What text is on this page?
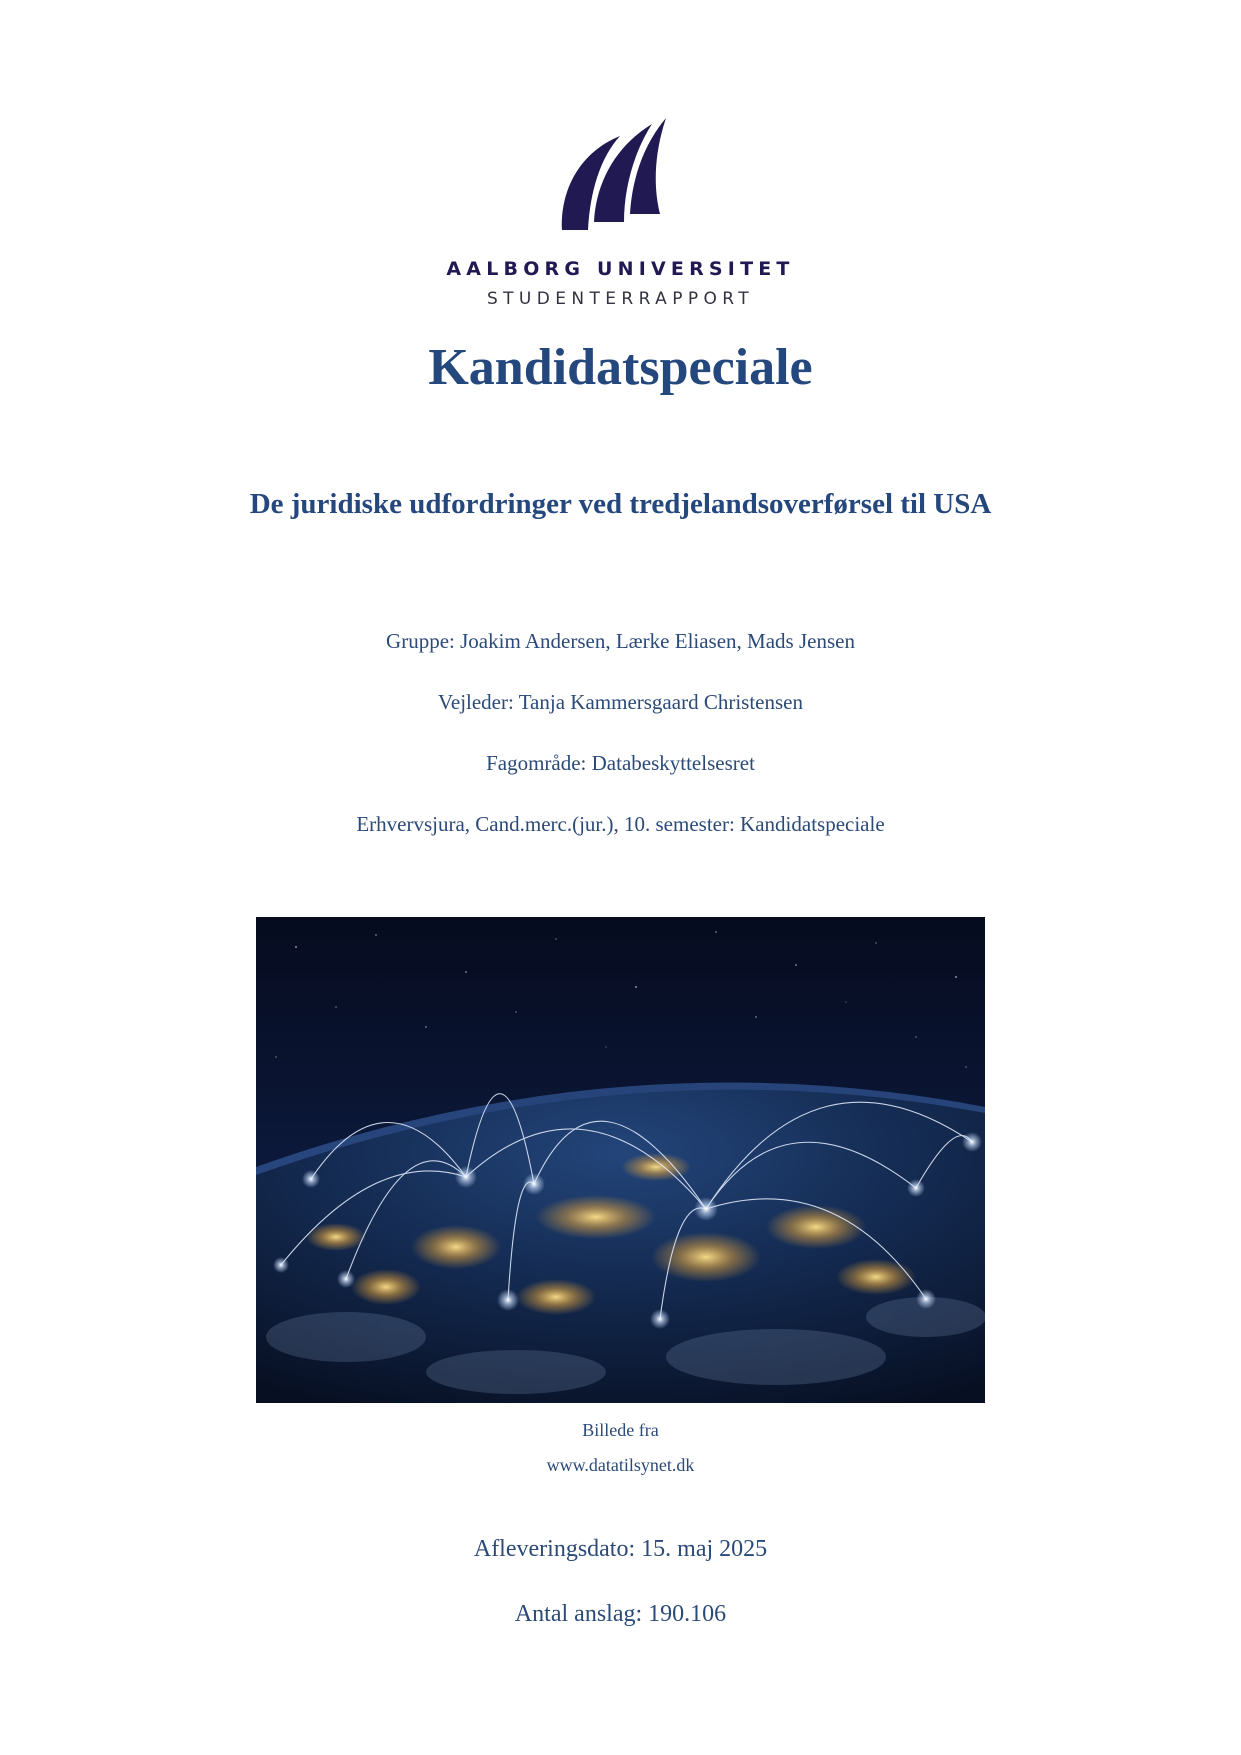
AALBORG UNIVERSITET
STUDENTERRAPPORT
Kandidatspeciale
De juridiske udfordringer ved tredjelandsoverførsel til USA
Gruppe: Joakim Andersen, Lærke Eliasen, Mads Jensen
Vejleder: Tanja Kammersgaard Christensen
Fagområde: Databeskyttelsesret
Erhvervsjura, Cand.merc.(jur.), 10. semester: Kandidatspeciale
Billede fra
www.datatilsynet.dk
Afleveringsdato: 15. maj 2025
Antal anslag: 190.106
